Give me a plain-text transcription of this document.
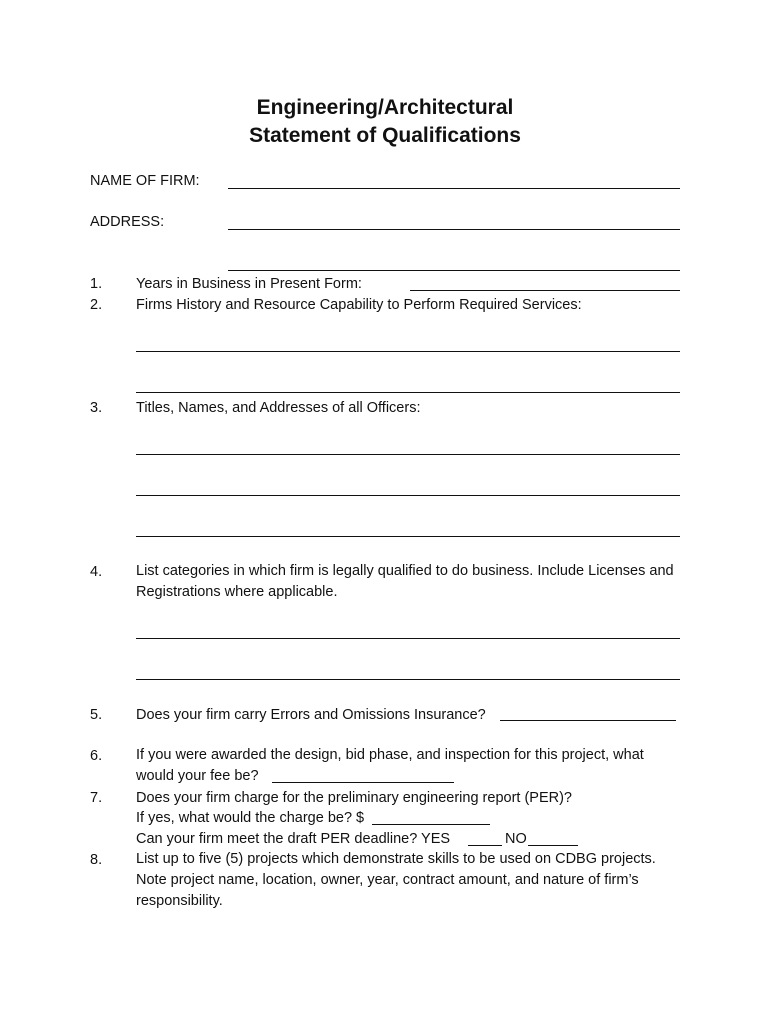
Engineering/Architectural
Statement of Qualifications
NAME OF FIRM:
ADDRESS:
1. Years in Business in Present Form:
2. Firms History and Resource Capability to Perform Required Services:
3. Titles, Names, and Addresses of all Officers:
4. List categories in which firm is legally qualified to do business. Include Licenses and Registrations where applicable.
5. Does your firm carry Errors and Omissions Insurance?
6. If you were awarded the design, bid phase, and inspection for this project, what would your fee be?
7. Does your firm charge for the preliminary engineering report (PER)?
If yes, what would the charge be? $
Can your firm meet the draft PER deadline? YES	NO
8. List up to five (5) projects which demonstrate skills to be used on CDBG projects. Note project name, location, owner, year, contract amount, and nature of firm’s responsibility.
